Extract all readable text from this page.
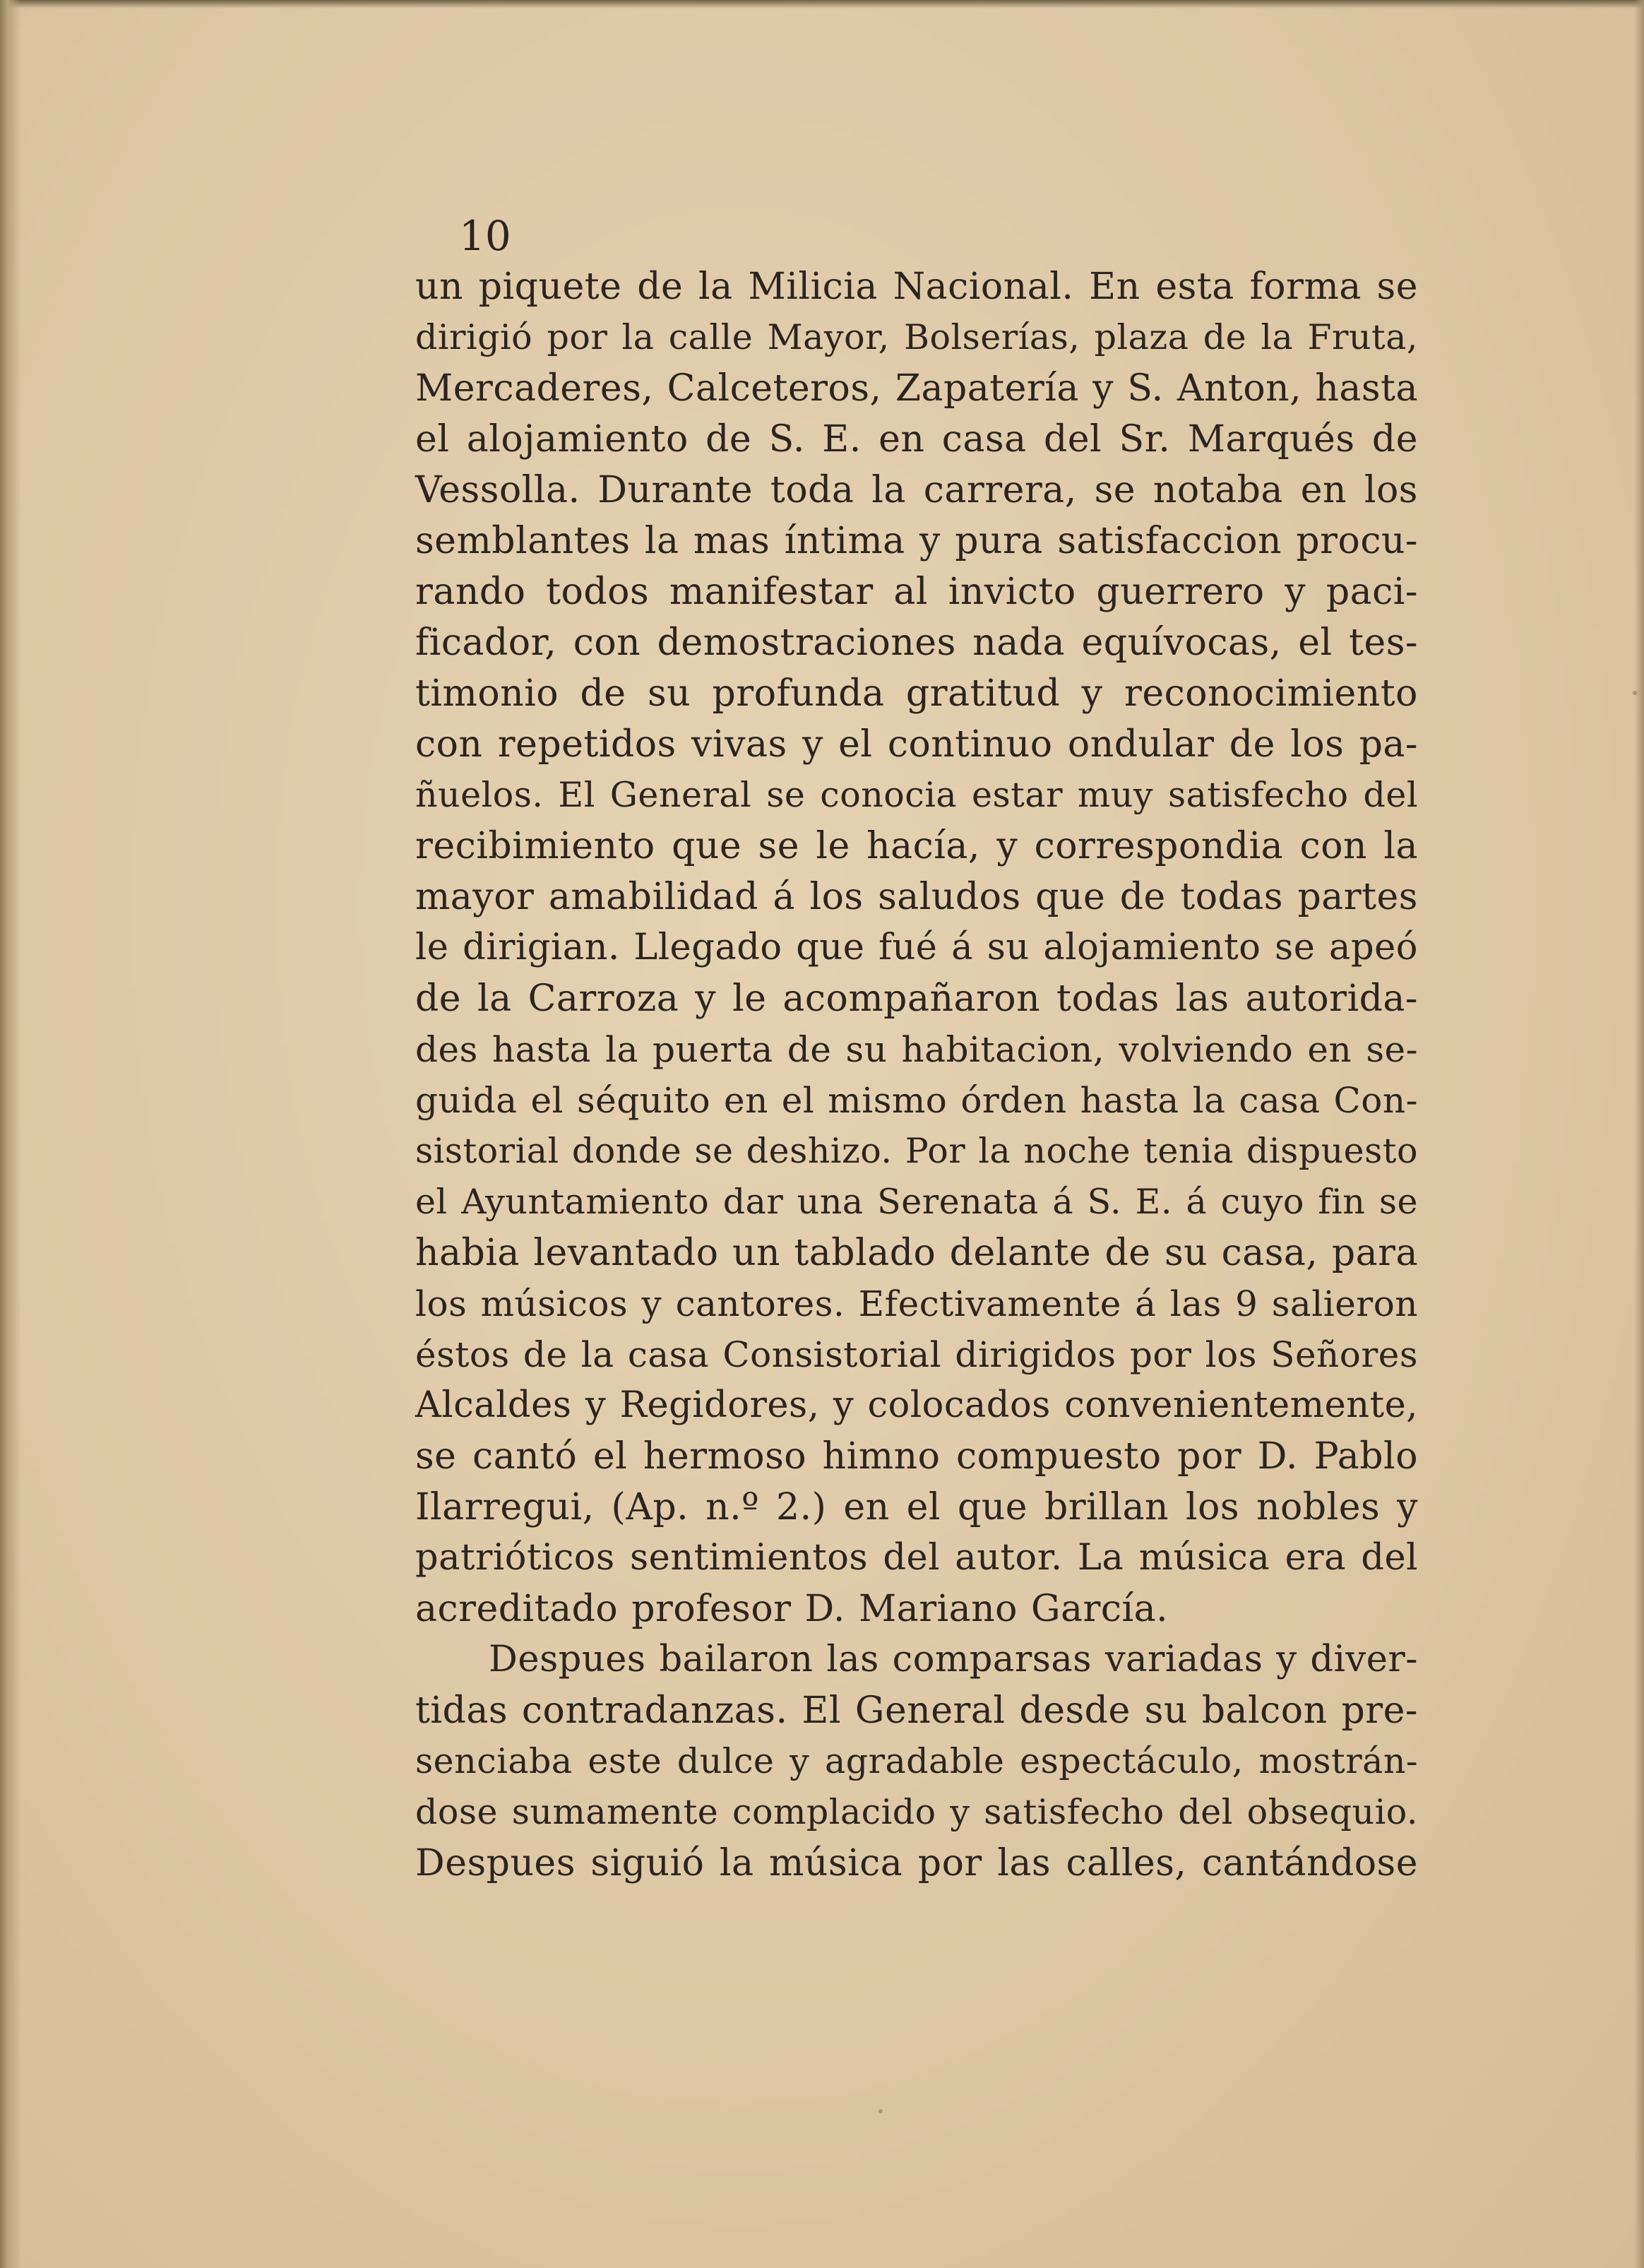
10
un piquete de la Milicia Nacional. En esta forma se
dirigió por la calle Mayor, Bolserías, plaza de la Fruta,
Mercaderes, Calceteros, Zapatería y S. Anton, hasta
el alojamiento de S. E. en casa del Sr. Marqués de
Vessolla. Durante toda la carrera, se notaba en los
semblantes la mas íntima y pura satisfaccion procu-
rando todos manifestar al invicto guerrero y paci-
ficador, con demostraciones nada equívocas, el tes-
timonio de su profunda gratitud y reconocimiento
con repetidos vivas y el continuo ondular de los pa-
ñuelos. El General se conocia estar muy satisfecho del
recibimiento que se le hacía, y correspondia con la
mayor amabilidad á los saludos que de todas partes
le dirigian. Llegado que fué á su alojamiento se apeó
de la Carroza y le acompañaron todas las autorida-
des hasta la puerta de su habitacion, volviendo en se-
guida el séquito en el mismo órden hasta la casa Con-
sistorial donde se deshizo. Por la noche tenia dispuesto
el Ayuntamiento dar una Serenata á S. E. á cuyo fin se
habia levantado un tablado delante de su casa, para
los músicos y cantores. Efectivamente á las 9 salieron
éstos de la casa Consistorial dirigidos por los Señores
Alcaldes y Regidores, y colocados convenientemente,
se cantó el hermoso himno compuesto por D. Pablo
Ilarregui, (Ap. n.º 2.) en el que brillan los nobles y
patrióticos sentimientos del autor. La música era del
acreditado profesor D. Mariano García.
Despues bailaron las comparsas variadas y diver-
tidas contradanzas. El General desde su balcon pre-
senciaba este dulce y agradable espectáculo, mostrán-
dose sumamente complacido y satisfecho del obsequio.
Despues siguió la música por las calles, cantándose
